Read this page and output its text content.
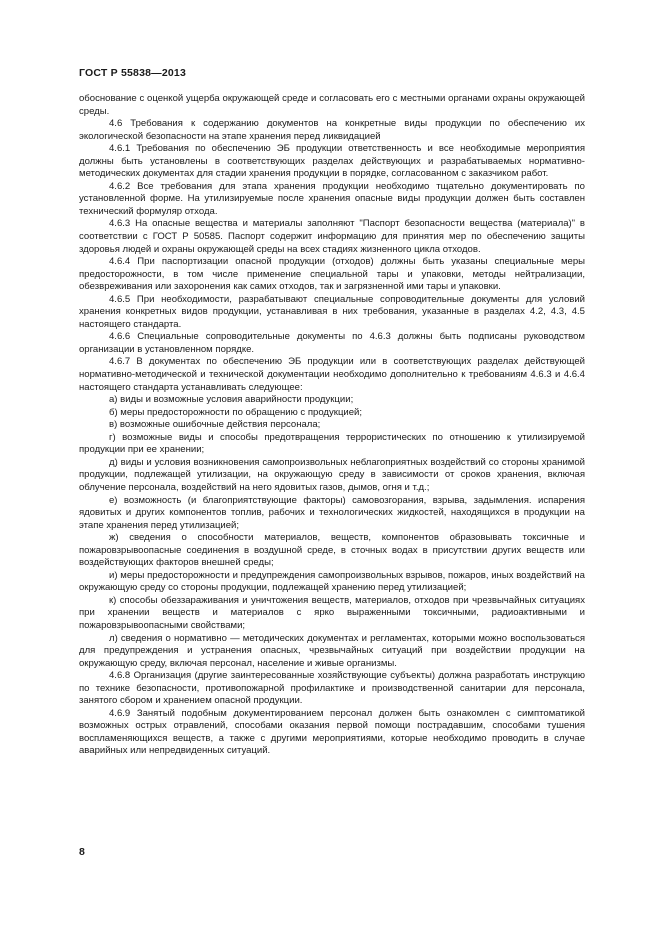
ГОСТ Р 55838—2013

обоснование с оценкой ущерба окружающей среде и согласовать его с местными органами охраны окружающей среды.

4.6 Требования к содержанию документов на конкретные виды продукции по обеспечению их экологической безопасности на этапе хранения перед ликвидацией

4.6.1 Требования по обеспечению ЭБ продукции ответственность и все необходимые мероприятия должны быть установлены в соответствующих разделах действующих и разрабатываемых нормативно-методических документах для стадии хранения продукции в порядке, согласованном с заказчиком работ.

4.6.2 Все требования для этапа хранения продукции необходимо тщательно документировать по установленной форме. На утилизируемые после хранения опасные виды продукции должен быть составлен технический формуляр отхода.

4.6.3 На опасные вещества и материалы заполняют "Паспорт безопасности вещества (материала)" в соответствии с ГОСТ Р 50585. Паспорт содержит информацию для принятия мер по обеспечению защиты здоровья людей и охраны окружающей среды на всех стадиях жизненного цикла отходов.

4.6.4 При паспортизации опасной продукции (отходов) должны быть указаны специальные меры предосторожности, в том числе применение специальной тары и упаковки, методы нейтрализации, обезвреживания или захоронения как самих отходов, так и загрязненной ими тары и упаковки.

4.6.5 При необходимости, разрабатывают специальные сопроводительные документы для условий хранения конкретных видов продукции, устанавливая в них требования, указанные в разделах 4.2, 4.3, 4.5 настоящего стандарта.

4.6.6 Специальные сопроводительные документы по 4.6.3 должны быть подписаны руководством организации в установленном порядке.

4.6.7 В документах по обеспечению ЭБ продукции или в соответствующих разделах действующей нормативно-методической и технической документации необходимо дополнительно к требованиям 4.6.3 и 4.6.4 настоящего стандарта устанавливать следующее:

а) виды и возможные условия аварийности продукции;

б) меры предосторожности по обращению с продукцией;

в) возможные ошибочные действия персонала;

г) возможные виды и способы предотвращения террористических по отношению к утилизируемой продукции при ее хранении;

д) виды и условия возникновения самопроизвольных неблагоприятных воздействий со стороны хранимой продукции, подлежащей утилизации, на окружающую среду в зависимости от сроков хранения, включая облучение персонала, воздействий на него ядовитых газов, дымов, огня и т.д.;

е) возможность (и благоприятствующие факторы) самовозгорания, взрыва, задымления. испарения ядовитых и других компонентов топлив, рабочих и технологических жидкостей, находящихся в продукции на этапе хранения перед утилизацией;

ж) сведения о способности материалов, веществ, компонентов образовывать токсичные и пожаровзрывоопасные соединения в воздушной среде, в сточных водах в присутствии других веществ или воздействующих факторов внешней среды;

и) меры предосторожности и предупреждения самопроизвольных взрывов, пожаров, иных воздействий на окружающую среду со стороны продукции, подлежащей хранению перед утилизацией;

к) способы обеззараживания и уничтожения веществ, материалов, отходов при чрезвычайных ситуациях при хранении веществ и материалов с ярко выраженными токсичными, радиоактивными и пожаровзрывоопасными свойствами;

л) сведения о нормативно — методических документах и регламентах, которыми можно воспользоваться для предупреждения и устранения опасных, чрезвычайных ситуаций при воздействии продукции на окружающую среду, включая персонал, население и живые организмы.

4.6.8 Организация (другие заинтересованные хозяйствующие субъекты) должна разработать инструкцию по технике безопасности, противопожарной профилактике и производственной санитарии для персонала, занятого сбором и хранением опасной продукции.

4.6.9 Занятый подобным документированием персонал должен быть ознакомлен с симптоматикой возможных острых отравлений, способами оказания первой помощи пострадавшим, способами тушения воспламеняющихся веществ, а также с другими мероприятиями, которые необходимо проводить в случае аварийных или непредвиденных ситуаций.

8
